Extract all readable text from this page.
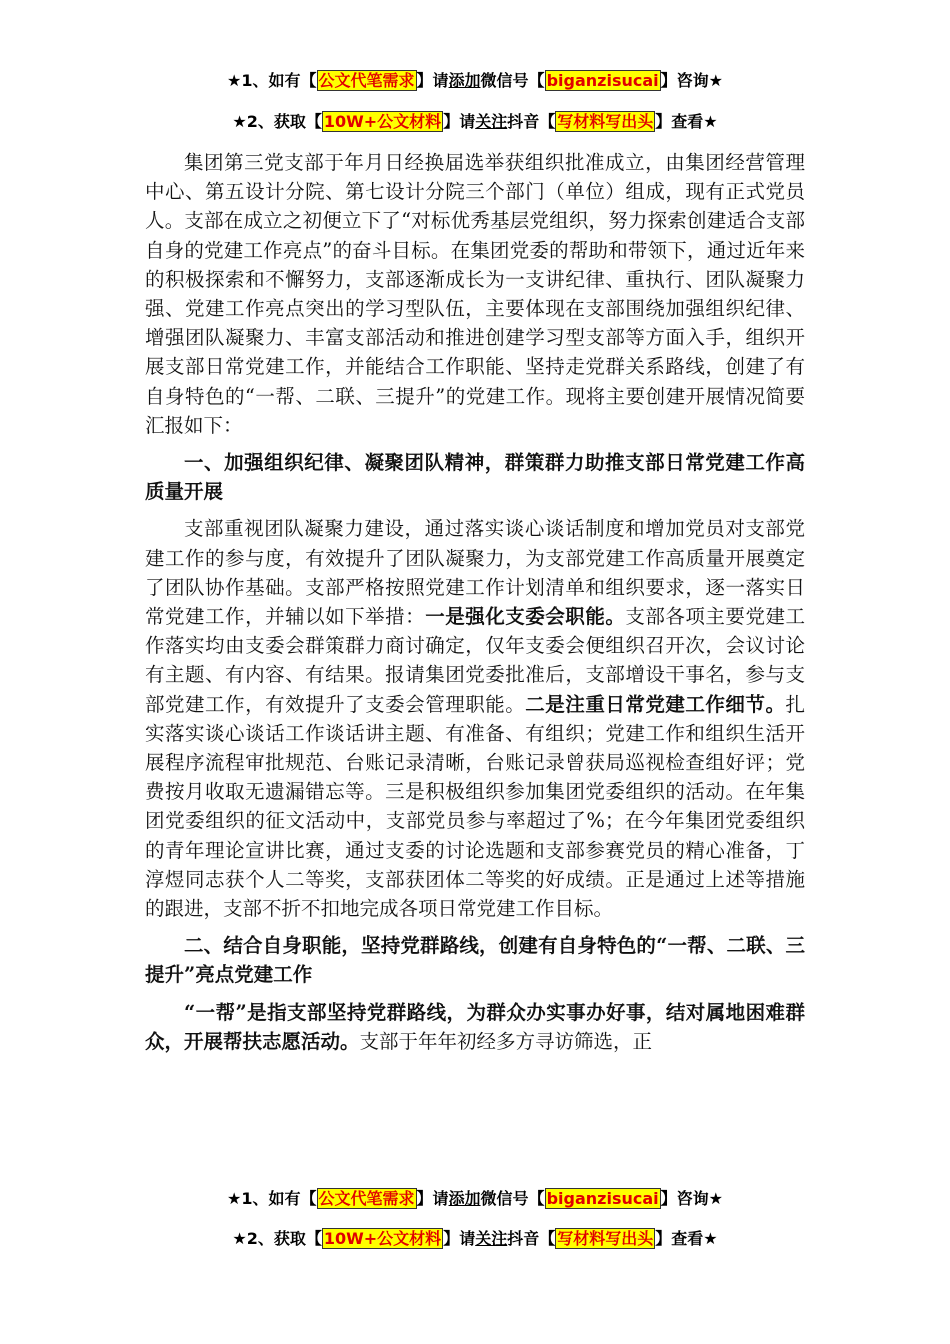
★1、如有【 公文代笔需求 】请添加微信号【 biganzisucai 】咨询★
★2、获取【 10W+公文材料 】请关注抖音【 写材料写出头 】查看★

集团第三党支部于年月日经换届选举获组织批准成立，由集团经营管理中心、第五设计分院、第七设计分院三个部门（单位）组成，现有正式党员人。支部在成立之初便立下了“对标优秀基层党组织，努力探索创建适合支部自身的党建工作亮点”的奋斗目标。在集团党委的帮助和带领下，通过近年来的积极探索和不懈努力，支部逐渐成长为一支讲纪律、重执行、团队凝聚力强、党建工作亮点突出的学习型队伍，主要体现在支部围绕加强组织纪律、增强团队凝聚力、丰富支部活动和推进创建学习型支部等方面入手，组织开展支部日常党建工作，并能结合工作职能、坚持走党群关系路线，创建了有自身特色的“一帮、二联、三提升”的党建工作。现将主要创建开展情况简要汇报如下：

一、加强组织纪律、凝聚团队精神，群策群力助推支部日常党建工作高质量开展

支部重视团队凝聚力建设，通过落实谈心谈话制度和增加党员对支部党建工作的参与度，有效提升了团队凝聚力，为支部党建工作高质量开展奠定了团队协作基础。支部严格按照党建工作计划清单和组织要求，逐一落实日常党建工作，并辅以如下举措：一是强化支委会职能。支部各项主要党建工作落实均由支委会群策群力商讨确定，仅年支委会便组织召开次，会议讨论有主题、有内容、有结果。报请集团党委批准后，支部增设干事名，参与支部党建工作，有效提升了支委会管理职能。二是注重日常党建工作细节。扎实落实谈心谈话工作谈话讲主题、有准备、有组织；党建工作和组织生活开展程序流程审批规范、台账记录清晰，台账记录曾获局巡视检查组好评；党费按月收取无遗漏错忘等。三是积极组织参加集团党委组织的活动。在年集团党委组织的征文活动中，支部党员参与率超过了%；在今年集团党委组织的青年理论宣讲比赛，通过支委的讨论选题和支部参赛党员的精心准备，丁淳煜同志获个人二等奖，支部获团体二等奖的好成绩。正是通过上述等措施的跟进，支部不折不扣地完成各项日常党建工作目标。

二、结合自身职能，坚持党群路线，创建有自身特色的“一帮、二联、三提升”亮点党建工作

“一帮”是指支部坚持党群路线，为群众办实事办好事，结对属地困难群众，开展帮扶志愿活动。支部于年年初经多方寻访筛选，正

★1、如有【 公文代笔需求 】请添加微信号【 biganzisucai 】咨询★
★2、获取【 10W+公文材料 】请关注抖音【 写材料写出头 】查看★
